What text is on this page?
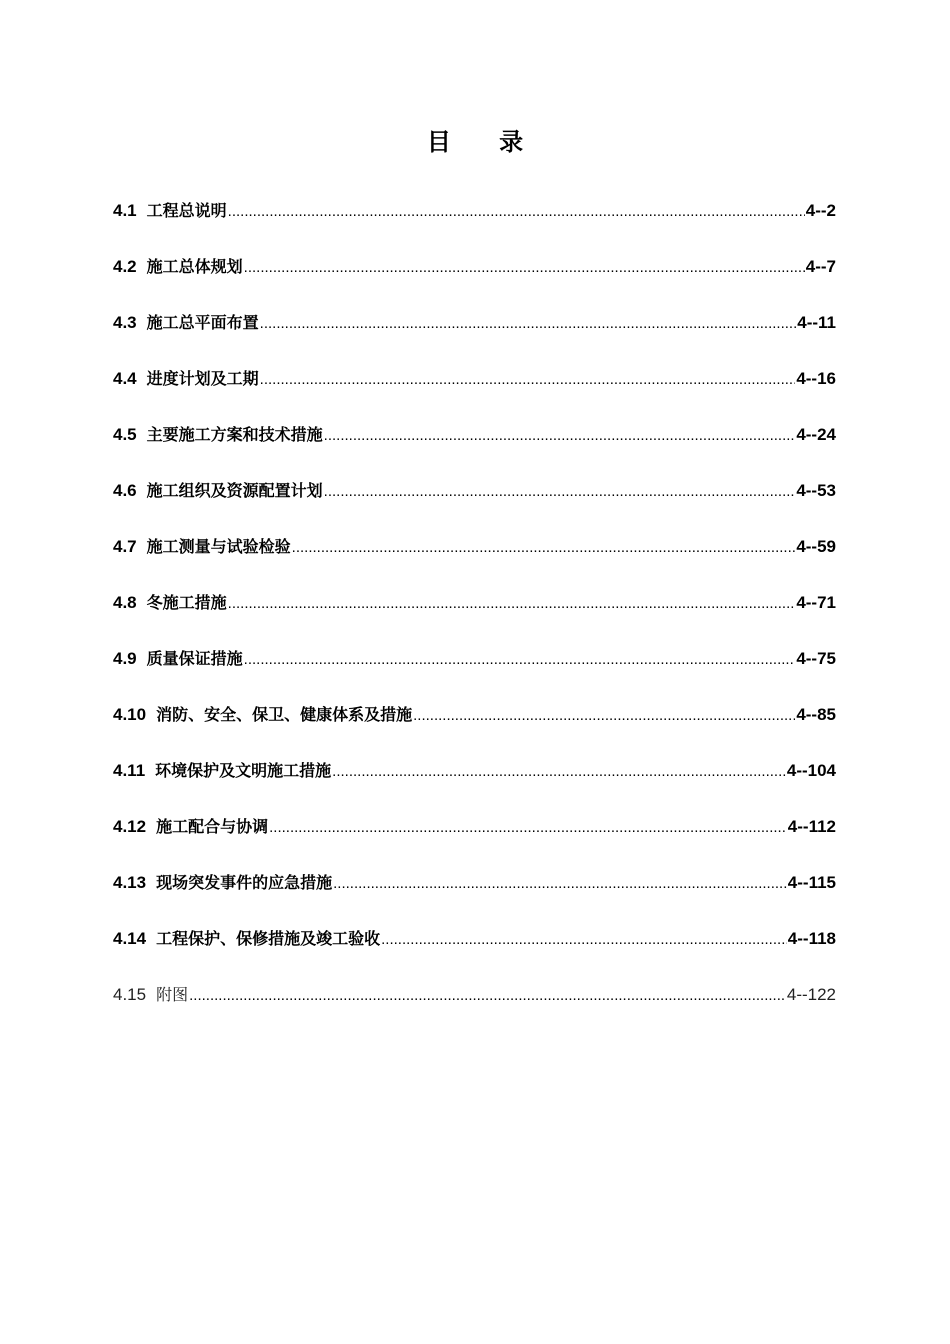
目 录
4.1 工程总说明 .....	4--2
4.2 施工总体规划 .....	4--7
4.3 施工总平面布置 .....	4--11
4.4 进度计划及工期 .....	4--16
4.5 主要施工方案和技术措施 .....	4--24
4.6 施工组织及资源配置计划 .....	4--53
4.7 施工测量与试验检验 .....	4--59
4.8 冬施工措施 .....	4--71
4.9 质量保证措施 .....	4--75
4.10 消防、安全、保卫、健康体系及措施 .....	4--85
4.11 环境保护及文明施工措施 .....	4--104
4.12 施工配合与协调 .....	4--112
4.13 现场突发事件的应急措施 .....	4--115
4.14 工程保护、保修措施及竣工验收 .....	4--118
4.15 附图 .....	4--122
